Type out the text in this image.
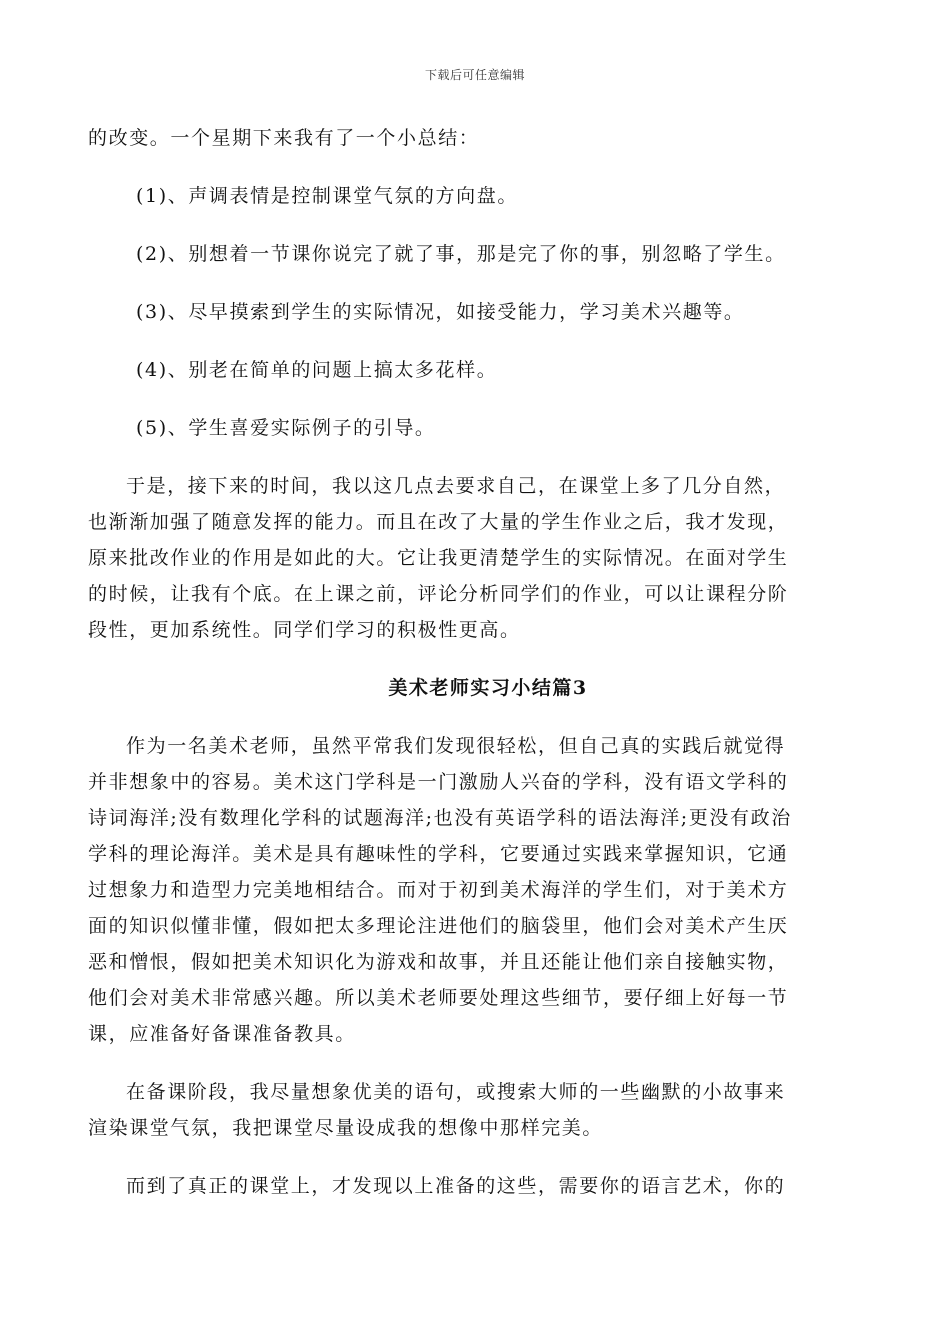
下载后可任意编辑

的改变。一个星期下来我有了一个小总结：

(1)、声调表情是控制课堂气氛的方向盘。

(2)、别想着一节课你说完了就了事，那是完了你的事，别忽略了学生。

(3)、尽早摸索到学生的实际情况，如接受能力，学习美术兴趣等。

(4)、别老在简单的问题上搞太多花样。

(5)、学生喜爱实际例子的引导。

于是，接下来的时间，我以这几点去要求自己，在课堂上多了几分自然，
也渐渐加强了随意发挥的能力。而且在改了大量的学生作业之后，我才发现，
原来批改作业的作用是如此的大。它让我更清楚学生的实际情况。在面对学生
的时候，让我有个底。在上课之前，评论分析同学们的作业，可以让课程分阶
段性，更加系统性。同学们学习的积极性更高。
美术老师实习小结篇3
作为一名美术老师，虽然平常我们发现很轻松，但自己真的实践后就觉得
并非想象中的容易。美术这门学科是一门激励人兴奋的学科，没有语文学科的
诗词海洋;没有数理化学科的试题海洋;也没有英语学科的语法海洋;更没有政治
学科的理论海洋。美术是具有趣味性的学科，它要通过实践来掌握知识，它通
过想象力和造型力完美地相结合。而对于初到美术海洋的学生们，对于美术方
面的知识似懂非懂，假如把太多理论注进他们的脑袋里，他们会对美术产生厌
恶和憎恨，假如把美术知识化为游戏和故事，并且还能让他们亲自接触实物，
他们会对美术非常感兴趣。所以美术老师要处理这些细节，要仔细上好每一节
课，应准备好备课准备教具。
在备课阶段，我尽量想象优美的语句，或搜索大师的一些幽默的小故事来
渲染课堂气氛，我把课堂尽量设成我的想像中那样完美。
而到了真正的课堂上，才发现以上准备的这些，需要你的语言艺术，你的
